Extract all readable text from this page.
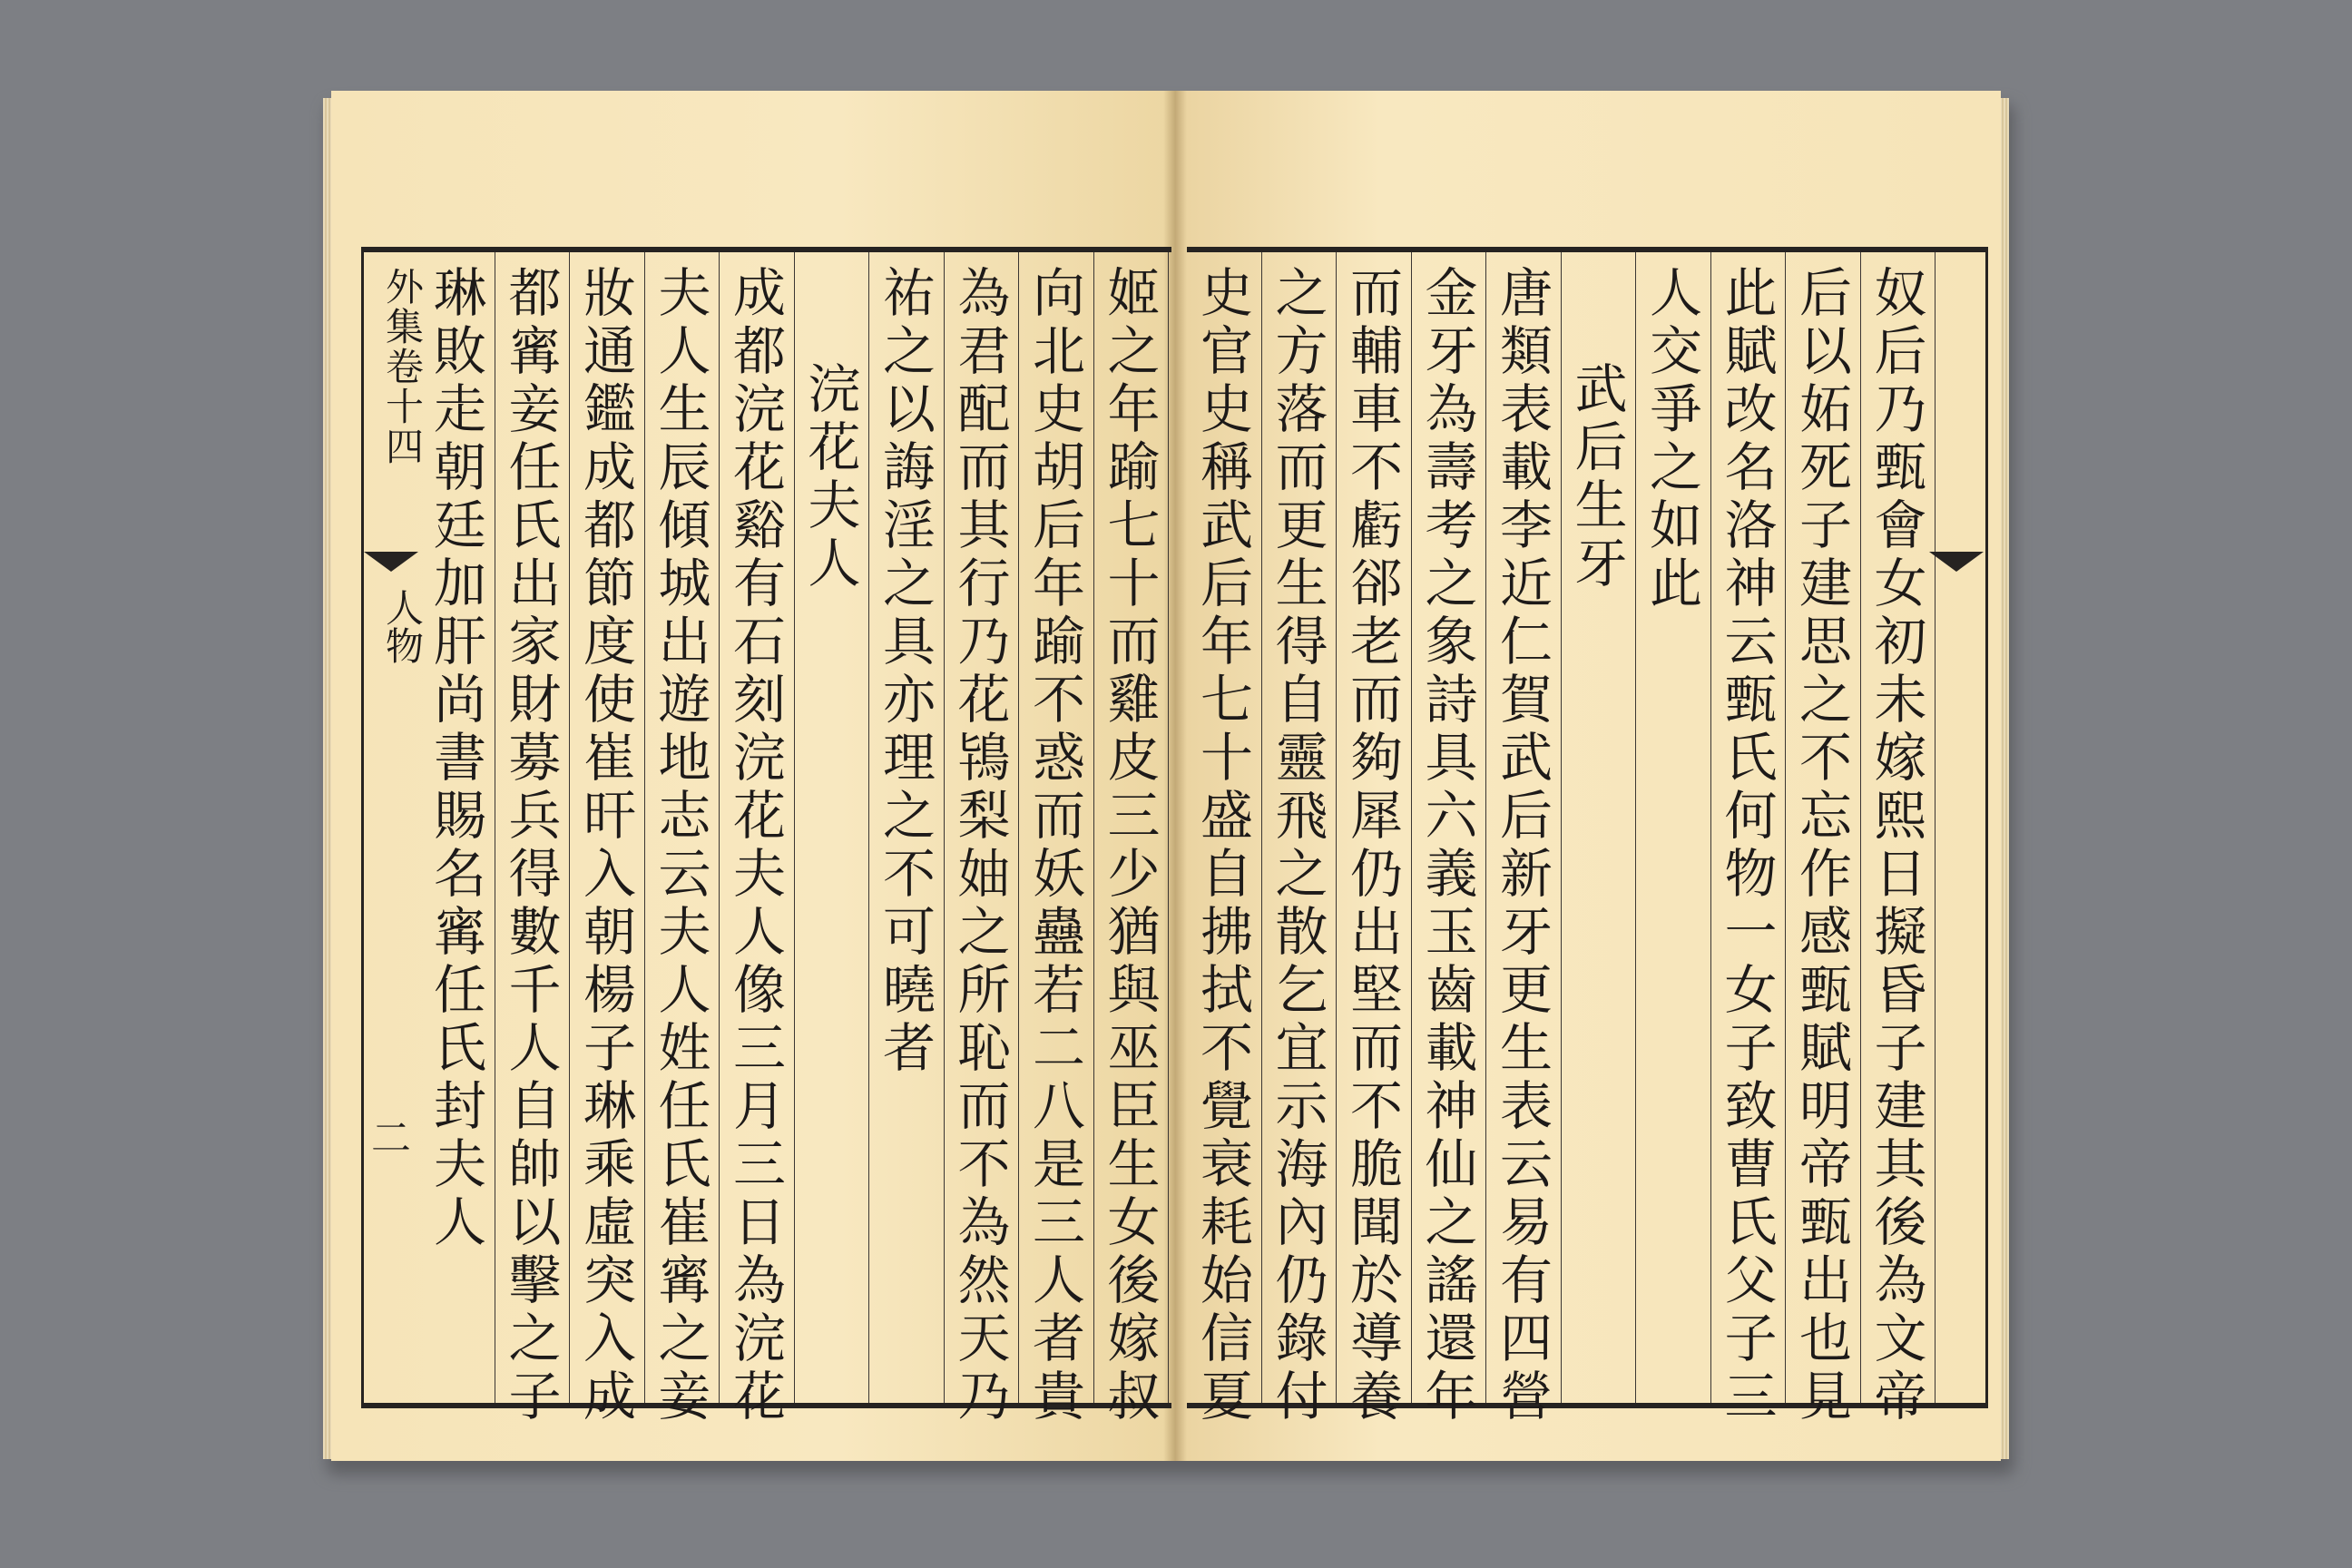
外集卷十四
人物
二 琳敗走朝廷加肝尚書賜名寗任氏封夫人 都寗妾任氏出家財募兵得數千人自帥以擊之子 妝通鑑成都節度使崔旰入朝楊子琳乘虛突入成 夫人生辰傾城出遊地志云夫人姓任氏崔寗之妾 成都浣花谿有石刻浣花夫人像三月三日為浣花 浣花夫人 祐之以誨淫之具亦理之不可曉者 為君配而其行乃花鴇梨妯之所恥而不為然天乃 向北史胡后年踰不惑而妖蠱若二八是三人者貴 姬之年踰七十而雞皮三少猶與巫臣生女後嫁叔 史官史稱武后年七十盛自拂拭不覺衰耗始信夏 之方落而更生得自靈飛之散乞宜示海內仍錄付 而輔車不虧郤老而夠犀仍出堅而不脆聞於導養 金牙為壽考之象詩具六義玉齒載神仙之謠還年 唐類表載李近仁賀武后新牙更生表云易有四營 武后生牙 人交爭之如此 此賦改名洛神云甄氏何物一女子致曹氏父子三 后以妬死子建思之不忘作感甄賦明帝甄出也見 奴后乃甄會女初未嫁熙日擬昏子建其後為文帝
